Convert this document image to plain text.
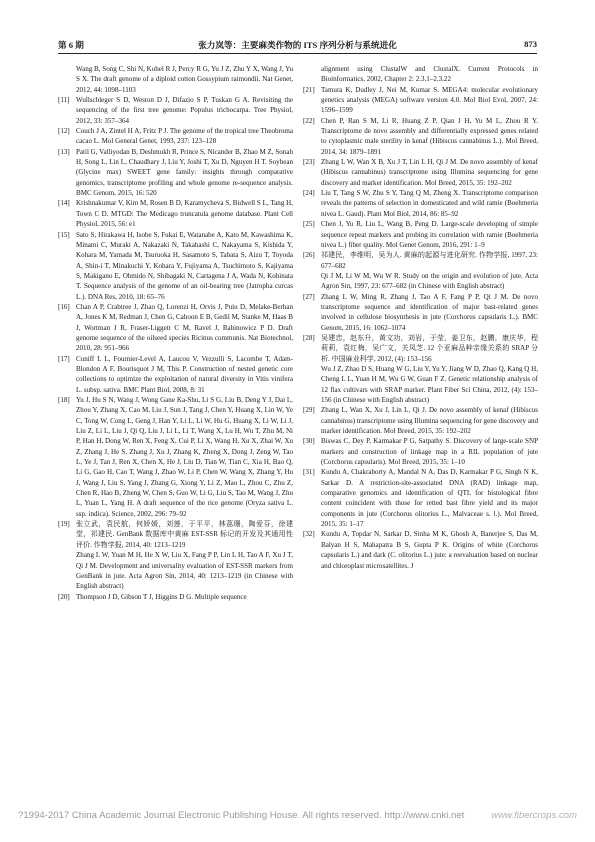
第 6 期	张力岚等：主要麻类作物的 ITS 序列分析与系统进化	873

Wang B, Song C, Shi N, Kohel R J, Percy R G, Yu J Z, Zhu Y X, Wang J, Yu S X. The draft genome of a diploid cotton Gossypium raimondii. Nat Genet, 2012, 44: 1098–1103

[11] Wullschleger S D, Weston D J, Difazio S P, Tuskan G A. Revisiting the sequencing of the first tree genome: Populus trichocarpa. Tree Physiol, 2012, 33: 357–364

[12] Couch J A, Zintel H A, Fritz P J. The genome of the tropical tree Theobroma cacao L. Mol General Genet, 1993, 237: 123–128

[13] Patil G, Valliyodan B, Deshmukh R, Prince S, Nicander B, Zhao M Z, Sonah H, Song L, Lin L, Chaudhary J, Liu Y, Joshi T, Xu D, Nguyen H T. Soybean (Glycine max) SWEET gene family: insights through comparative genomics, transcriptome profiling and whole genome re-sequence analysis. BMC Genom, 2015, 16: 520

[14] Krishnakumar V, Kim M, Rosen B D, Karamycheva S, Bidwell S L, Tang H, Town C D. MTGD: The Medicago truncatula genome database. Plant Cell Physiol, 2015, 56: e1

[15] Sato S, Hirakawa H, Isobe S, Fukai E, Watanabe A, Kato M, Kawashima K, Minami C, Muraki A, Nakazaki N, Takahashi C, Nakayama S, Kishida Y, Kohara M, Yamada M, Tsuruoka H, Sasamoto S, Tabata S, Aizu T, Toyoda A, Shin-i T, Minakuchi Y, Kohara Y, Fujiyama A, Tsuchimoto S, Kajiyama S, Makigano E, Ohmido N, Shibagaki N, Cartagena J A, Wada N, Kohinata T. Sequence analysis of the genome of an oil-bearing tree (Jatropha curcas L.). DNA Res, 2010, 18: 65–76

[16] Chan A P, Crabtree J, Zhao Q, Lorenzi H, Orvis J, Puiu D, Melake-Berhan A, Jones K M, Redman J, Chen G, Cahoon E B, Gedil M, Stanke M, Haas B J, Wortman J R, Fraser-Liggett C M, Ravel J, Rabinowicz P D. Draft genome sequence of the oilseed species Ricinus communis. Nat Biotechnol, 2010, 28: 951–966

[17] Cuniff L L, Fournier-Level A, Laucou V, Vezzulli S, Lacombe T, Adam-Blondon A F, Bourisquot J M, This P. Construction of nested genetic core collections to optimize the exploitation of natural diversity in Vitis vinifera L. subsp. sativa. BMC Plant Biol, 2008, 8: 31

[18] Yu J, Hu S N, Wang J, Wong Gane Ka-Shu, Li S G, Liu B, Deng Y J, Dai L, Zhou Y, Zhang X, Cao M, Liu J, Sun J, Tang J, Chen Y, Huang X, Lin W, Ye C, Tong W, Cong L, Geng J, Han Y, Li L, Li W, Hu G, Huang X, Li W, Li J, Liu Z, Li L, Liu J, Qi Q, Liu J, Li L, Li T, Wang X, Lu H, Wu T, Zhu M, Ni P, Han H, Dong W, Ren X, Feng X, Cui P, Li X, Wang H, Xu X, Zhai W, Xu Z, Zhang J, He S, Zhang J, Xu J, Zhang K, Zheng X, Dong J, Zeng W, Tao L, Ye J, Tan J, Ren X, Chen X, He J, Liu D, Tian W, Tian C, Xia H, Bao Q, Li G, Gao H, Cao T, Wang J, Zhao W, Li P, Chen W, Wang X, Zhang Y, Hu J, Wang J, Liu S, Yang J, Zhang G, Xiong Y, Li Z, Mao L, Zhou C, Zhu Z, Chen R, Hao B, Zheng W, Chen S, Guo W, Li G, Liu S, Tao M, Wang J, Zhu L, Yuan L, Yang H. A draft sequence of the rice genome (Oryza sativa L. ssp. indica). Science, 2002, 296: 79–92

[19] 张立武，袁民航，何娇媛，刘莲，于平平，林荔珊，陶爱芬，徐建堂，祁建民. GenBank 数据库中黄麻 EST-SSR 标记的开发及其通用性评价. 作物学报, 2014, 40: 1213–1219

Zhang L W, Yuan M H, He X W, Liu X, Fang P P, Lin L H, Tao A F, Xu J T, Qi J M. Development and universality evaluation of EST-SSR markers from GenBank in jute. Acta Agron Sin, 2014, 40: 1213–1219 (in Chinese with English abstract)

[20] Thompson J D, Gibson T J, Higgins D G. Multiple sequence

alignment using ClustalW and ClustalX. Current Protocols in Bioinformatics, 2002, Chapter 2: 2.3.1–2.3.22

[21] Tamura K, Dudley J, Nei M, Kumar S. MEGA4: molecular evolutionary genetics analysis (MEGA) software version 4.0. Mol Biol Evol, 2007, 24: 1596–1599

[22] Chen P, Ran S M, Li R, Huang Z P, Qian J H, Yu M L, Zhou R Y. Transcriptome de novo assembly and differentially expressed genes related to cytoplasmic male sterility in kenaf (Hibiscus cannabinus L.). Mol Breed, 2014, 34: 1879–1891

[23] Zhang L W, Wan X B, Xu J T, Lin L H, Qi J M. De novo assembly of kenaf (Hibiscus cannabinus) transcriptome using Illumina sequencing for gene discovery and marker identification. Mol Breed, 2015, 35: 192–202

[24] Liu T, Tang S W, Zhu S Y, Tang Q M, Zheng X. Transcriptome comparison reveals the patterns of selection in domesticated and wild ramie (Boehmeria nivea L. Gaud). Plant Mol Biol, 2014, 86: 85–92

[25] Chen J, Yu R, Liu L, Wang B, Peng D. Large-scale developing of simple sequence repeat markers and probing its correlation with ramie (Boehmeria nivea L.) fiber quality. Mol Genet Genom, 2016, 291: 1–9

[26] 祁建民，李维明，吴为人. 黄麻的起源与进化研究. 作物学报, 1997, 23: 677–682

Qi J M, Li W M, Wu W R. Study on the origin and evolution of jute. Acta Agron Sin, 1997, 23: 677–682 (in Chinese with English abstract)

[27] Zhang L W, Ming R, Zhang J, Tao A F, Fang P P, Qi J M. De novo transcriptome sequence and identification of major bast-related genes involved in cellulose biosynthesis in jute (Corchorus capsularis L.). BMC Genom, 2015, 16: 1062–1074

[28] 吴建忠，赵东升，黄文功，刘岩，于莹，姜卫东，赵鹏，康庆华，程莉莉，袁红梅，吴广文，关凤芝. 12 个亚麻品种亲缘关系的 SRAP 分析. 中国麻业科学, 2012, (4): 153–156

Wu J Z, Zhao D S, Huang W G, Liu Y, Yu Y, Jiang W D, Zhao Q, Kang Q H, Cheng L L, Yuan H M, Wu G W, Guan F Z. Genetic relationship analysis of 12 flax cultivars with SRAP marker. Plant Fiber Sci China, 2012, (4): 153–156 (in Chinese with English abstract)

[29] Zhang L, Wan X, Xu J, Lin L, Qi J. De novo assembly of kenaf (Hibiscus cannabinus) transcriptome using Illumina sequencing for gene discovery and marker identification. Mol Breed, 2015, 35: 192–202

[30] Biswas C, Dey P, Karmakar P G, Satpathy S. Discovery of large-scale SNP markers and construction of linkage map in a RIL population of jute (Corchorus capsularis). Mol Breed, 2015, 35: 1–10

[31] Kundu A, Chakraborty A, Mandal N A, Das D, Karmakar P G, Singh N K, Sarkar D. A restriction-site-associated DNA (RAD) linkage map, comparative genomics and identification of QTL for histological fibre content coincident with those for retted bast fibre yield and its major components in jute (Corchorus olitorius L., Malvaceae s. l.). Mol Breed, 2015, 35: 1–17

[32] Kundu A, Topdar N, Sarkar D, Sinha M K, Ghosh A, Banerjee S, Das M, Balyan H S, Mahapatra B S, Gupta P K. Origins of white (Corchorus capsularis L.) and dark (C. olitorius L.) jute: a reevaluation based on nuclear and chloroplast microsatellites. J

?1994-2017 China Academic Journal Electronic Publishing House. All rights reserved. http://www.cnki.net	www.fibercrops.com
